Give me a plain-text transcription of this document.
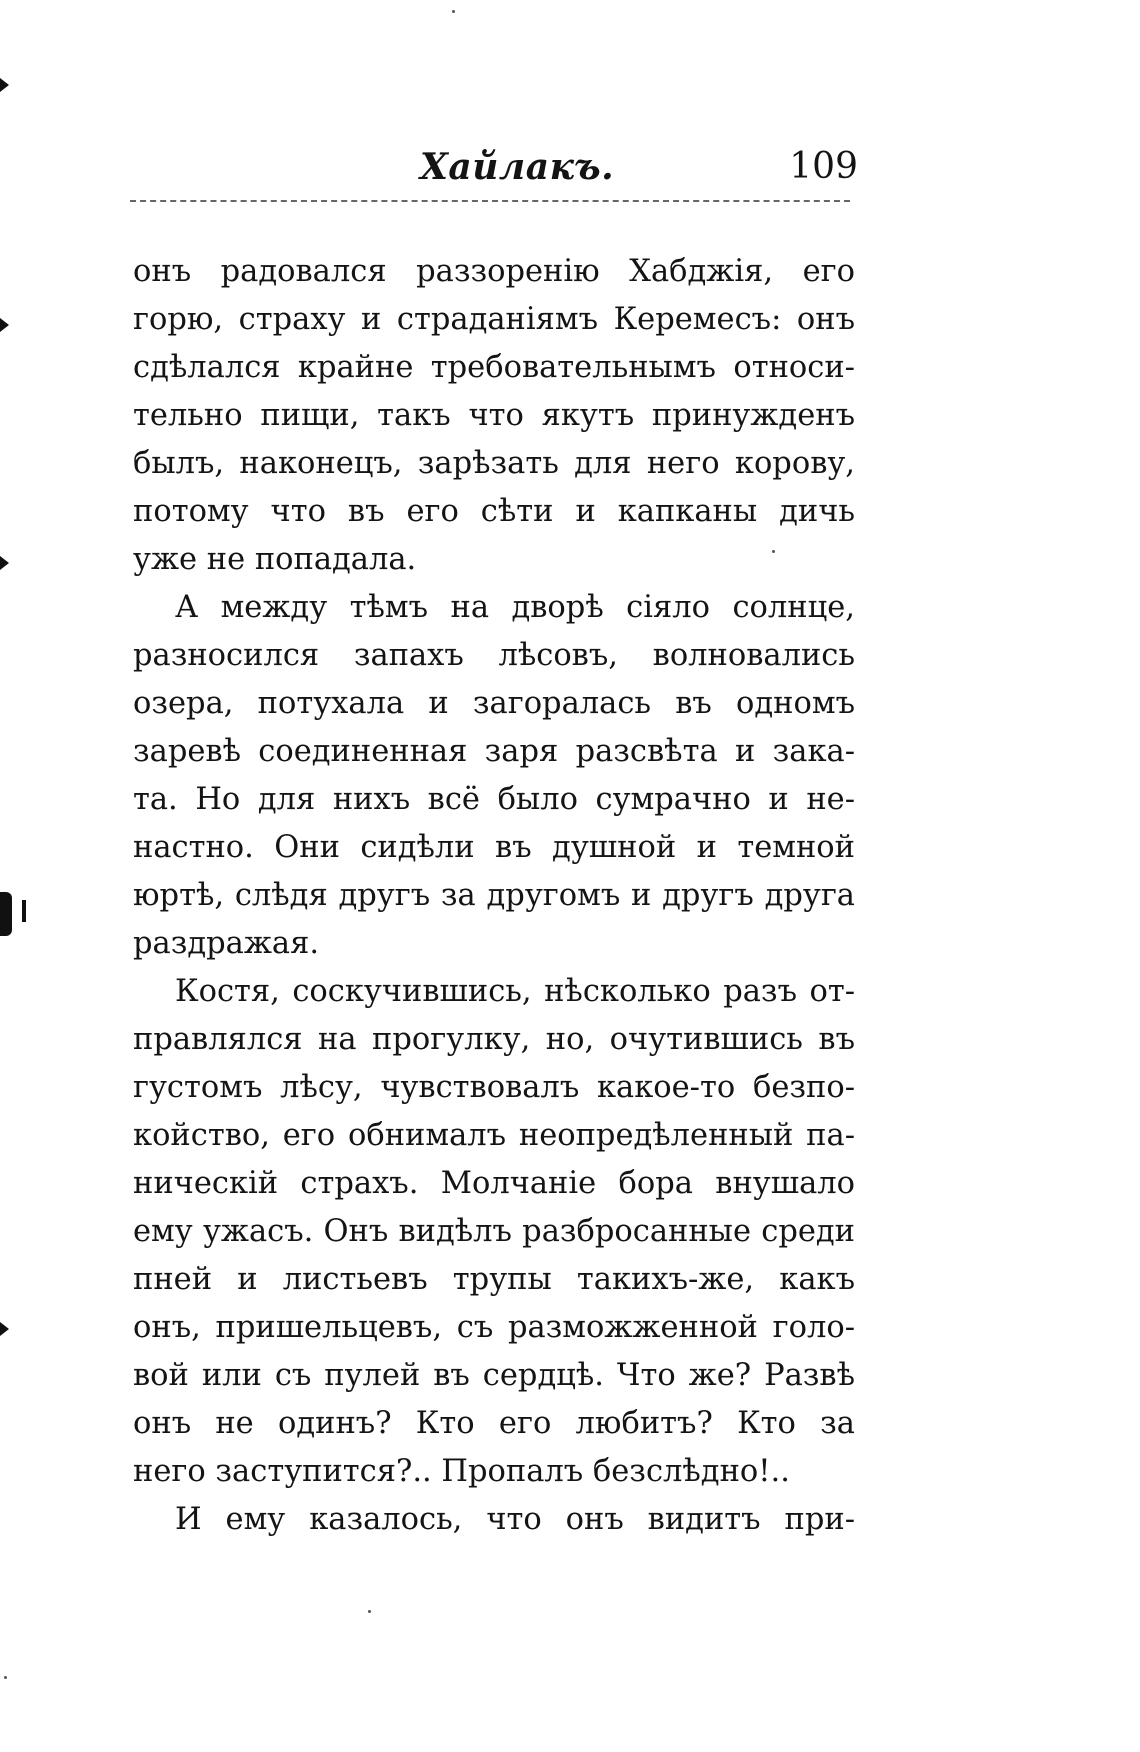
Хайлакъ.	109
онъ радовался раззоренію Хабджія, его
горю, страху и страданіямъ Керемесъ: онъ
сдѣлался крайне требовательнымъ относи-
тельно пищи, такъ что якутъ принужденъ
былъ, наконецъ, зарѣзать для него корову,
потому что въ его сѣти и капканы дичь
уже не попадала.
А между тѣмъ на дворѣ сіяло солнце,
разносился запахъ лѣсовъ, волновались
озера, потухала и загоралась въ одномъ
заревѣ соединенная заря разсвѣта и зака-
та. Но для нихъ всё было сумрачно и не-
настно. Они сидѣли въ душной и темной
юртѣ, слѣдя другъ за другомъ и другъ друга
раздражая.
Костя, соскучившись, нѣсколько разъ от-
правлялся на прогулку, но, очутившись въ
густомъ лѣсу, чувствовалъ какое-то безпо-
койство, его обнималъ неопредѣленный па-
ническій страхъ. Молчаніе бора внушало
ему ужасъ. Онъ видѣлъ разбросанные среди
пней и листьевъ трупы такихъ-же, какъ
онъ, пришельцевъ, съ разможженной голо-
вой или съ пулей въ сердцѣ. Что же? Развѣ
онъ не одинъ? Кто его любитъ? Кто за
него заступится?.. Пропалъ безслѣдно!..
И ему казалось, что онъ видитъ при-
